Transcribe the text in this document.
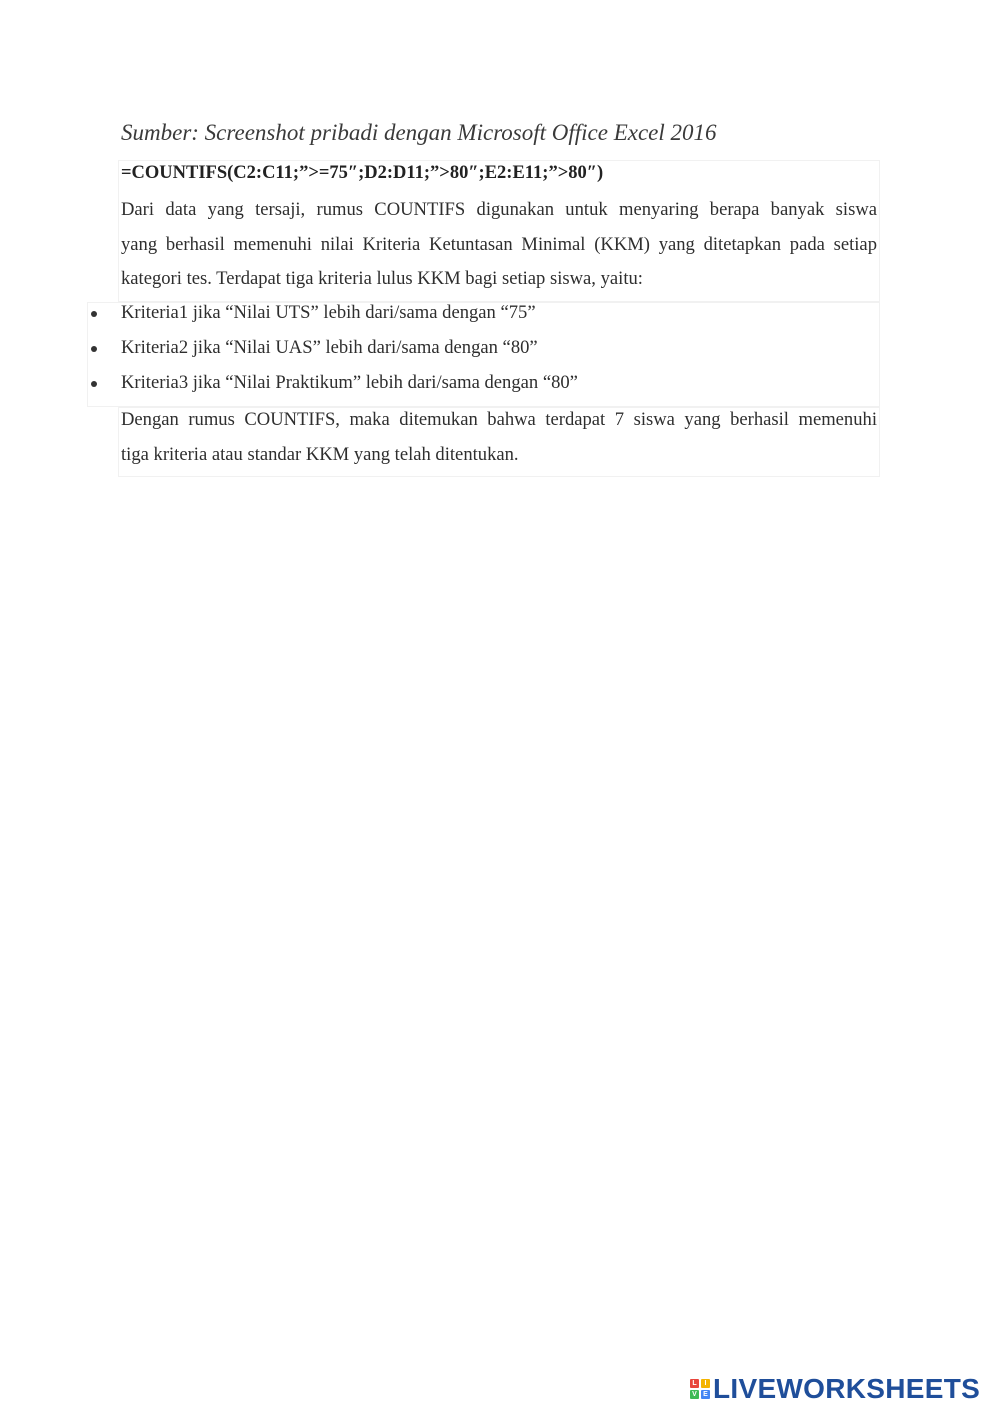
Sumber: Screenshot pribadi dengan Microsoft Office Excel 2016
=COUNTIFS(C2:C11;”>=75″;D2:D11;”>80″;E2:E11;”>80″)
Dari data yang tersaji, rumus COUNTIFS digunakan untuk menyaring berapa banyak siswa
yang berhasil memenuhi nilai Kriteria Ketuntasan Minimal (KKM) yang ditetapkan pada setiap
kategori tes. Terdapat tiga kriteria lulus KKM bagi setiap siswa, yaitu:
Kriteria1 jika “Nilai UTS” lebih dari/sama dengan “75”
Kriteria2 jika “Nilai UAS” lebih dari/sama dengan “80”
Kriteria3 jika “Nilai Praktikum” lebih dari/sama dengan “80”
Dengan rumus COUNTIFS, maka ditemukan bahwa terdapat 7 siswa yang berhasil memenuhi
tiga kriteria atau standar KKM yang telah ditentukan.
L	I
V E LIVEWORKSHEETS
